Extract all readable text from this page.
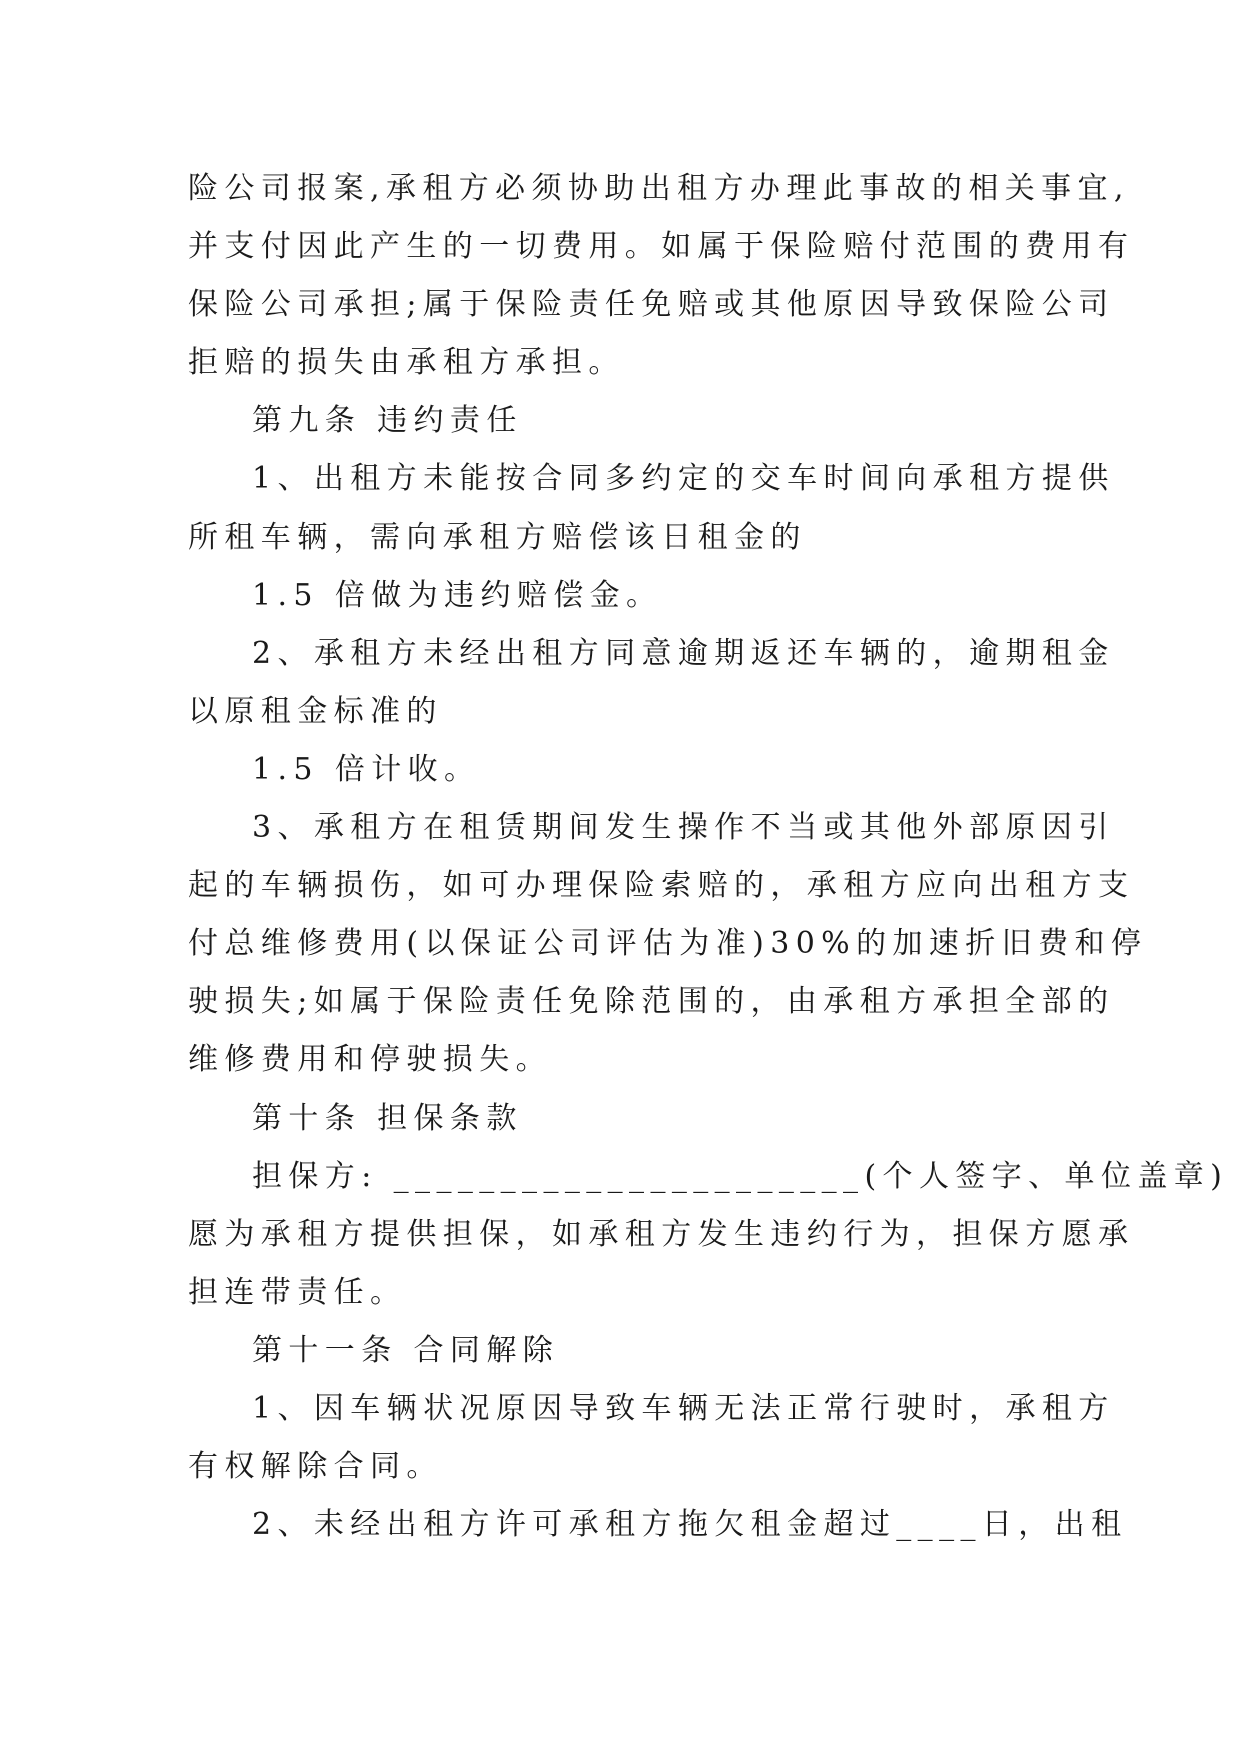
险公司报案,承租方必须协助出租方办理此事故的相关事宜,
并支付因此产生的一切费用。如属于保险赔付范围的费用有
保险公司承担;属于保险责任免赔或其他原因导致保险公司
拒赔的损失由承租方承担。
第九条 违约责任
1、出租方未能按合同多约定的交车时间向承租方提供
所租车辆，需向承租方赔偿该日租金的
1.5 倍做为违约赔偿金。
2、承租方未经出租方同意逾期返还车辆的，逾期租金
以原租金标准的
1.5 倍计收。
3、承租方在租赁期间发生操作不当或其他外部原因引
起的车辆损伤，如可办理保险索赔的，承租方应向出租方支
付总维修费用(以保证公司评估为准)30%的加速折旧费和停
驶损失;如属于保险责任免除范围的，由承租方承担全部的
维修费用和停驶损失。
第十条 担保条款
担保方: ______________________(个人签字、单位盖章)
愿为承租方提供担保，如承租方发生违约行为，担保方愿承
担连带责任。
第十一条 合同解除
1、因车辆状况原因导致车辆无法正常行驶时，承租方
有权解除合同。
2、未经出租方许可承租方拖欠租金超过____日，出租
